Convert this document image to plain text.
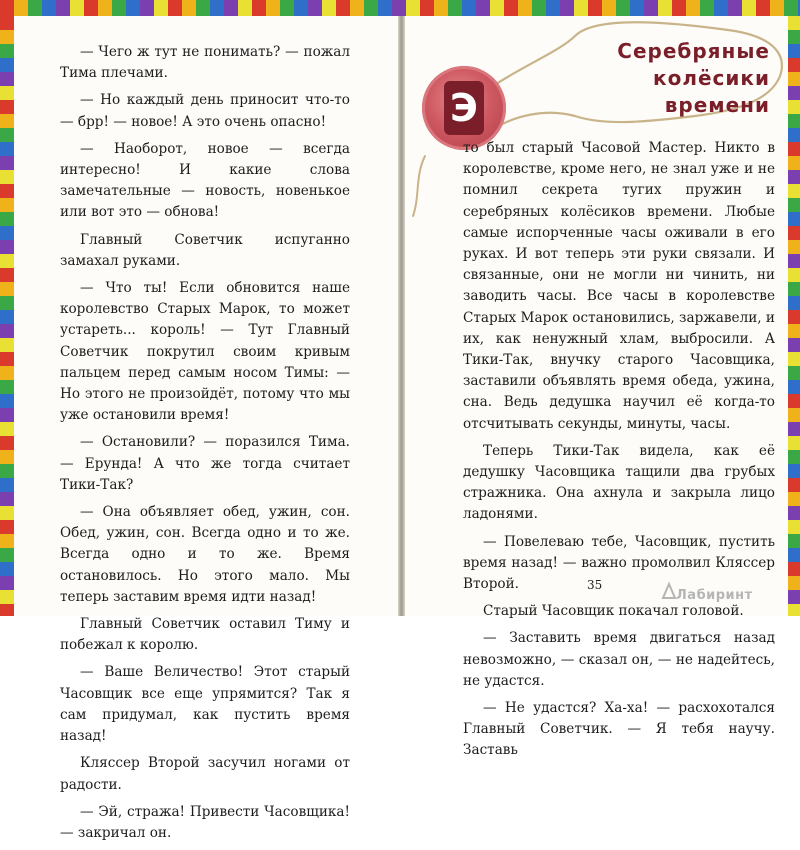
— Чего ж тут не понимать? — пожал Тима плечами.

— Но каждый день приносит что-то — брр! — новое! А это очень опасно!

— Наоборот, новое — всегда интересно! И какие слова замечательные — новость, новенькое или вот это — обнова!

Главный Советчик испуганно замахал руками.

— Что ты! Если обновится наше королевство Старых Марок, то может устареть... король! — Тут Главный Советчик покрутил своим кривым пальцем перед самым носом Тимы: — Но этого не произойдёт, потому что мы уже остановили время!

— Остановили? — поразился Тима. — Ерунда! А что же тогда считает Тики-Так?

— Она объявляет обед, ужин, сон. Обед, ужин, сон. Всегда одно и то же. Всегда одно и то же. Время остановилось. Но этого мало. Мы теперь заставим время идти назад!

Главный Советчик оставил Тиму и побежал к королю.

— Ваше Величество! Этот старый Часовщик все еще упрямится? Так я сам придумал, как пустить время назад!

Кляссер Второй засучил ногами от радости.

— Эй, стража! Привести Часовщика! — закричал он.

Э
Серебряные
колёсики
времени

то был старый Часовой Мастер. Никто в королевстве, кроме него, не знал уже и не помнил секрета тугих пружин и серебряных колёсиков времени. Любые самые испорченные часы оживали в его руках. И вот теперь эти руки связали. И связанные, они не могли ни чинить, ни заводить часы. Все часы в королевстве Старых Марок остановились, заржавели, и их, как ненужный хлам, выбросили. А Тики-Так, внучку старого Часовщика, заставили объявлять время обеда, ужина, сна. Ведь дедушка научил её когда-то отсчитывать секунды, минуты, часы.

Теперь Тики-Так видела, как её дедушку Часовщика тащили два грубых стражника. Она ахнула и закрыла лицо ладонями.

— Повелеваю тебе, Часовщик, пустить время назад! — важно промолвил Кляссер Второй.

Старый Часовщик покачал головой.

— Заставить время двигаться назад невозможно, — сказал он, — не надейтесь, не удастся.

— Не удастся? Ха-ха! — расхохотался Главный Советчик. — Я тебя научу. Заставь

35
Лабиринт
